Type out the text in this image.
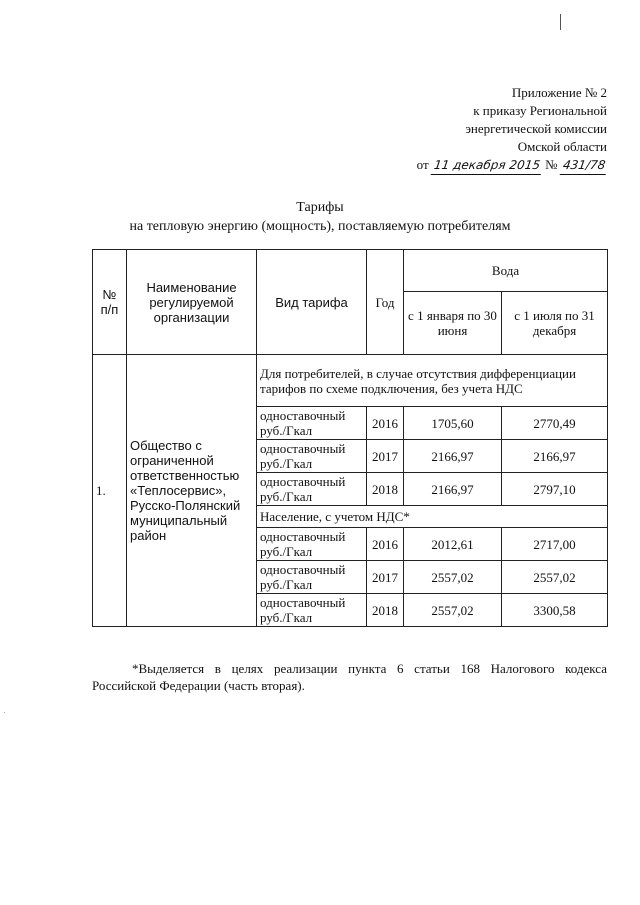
Приложение № 2
к приказу Региональной
энергетической комиссии
Омской области
от 11 декабря 2015 № 431/78
Тарифы
на тепловую энергию (мощность), поставляемую потребителям
№ п/п	Наименование регулируемой организации	Вид тарифа	Год	Вода	
				с 1 января по 30 июня	с 1 июля по 31 декабря
1.	Общество с ограниченной ответственностью «Теплосервис», Русско-Полянский муниципальный район	Для потребителей, в случае отсутствия дифференциации тарифов по схеме подключения, без учета НДС			
		одноставочный руб./Гкал	2016	1705,60	2770,49
		одноставочный руб./Гкал	2017	2166,97	2166,97
		одноставочный руб./Гкал	2018	2166,97	2797,10
		Население, с учетом НДС*			
		одноставочный руб./Гкал	2016	2012,61	2717,00
		одноставочный руб./Гкал	2017	2557,02	2557,02
		одноставочный руб./Гкал	2018	2557,02	3300,58
*Выделяется в целях реализации пункта 6 статьи 168 Налогового кодекса Российской Федерации (часть вторая).
